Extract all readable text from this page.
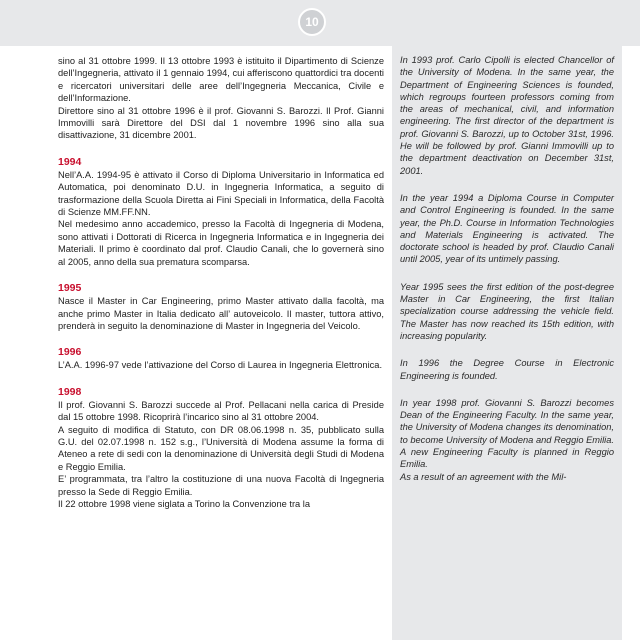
10

sino al 31 ottobre 1999. Il 13 ottobre 1993 è istituito il Dipartimento di Scienze dell’Ingegneria, attivato il 1 gennaio 1994, cui afferiscono quattordici tra docenti e ricercatori universitari delle aree dell’Ingegneria Meccanica, Civile e dell’Informazione.

Direttore sino al 31 ottobre 1996 è il prof. Giovanni S. Barozzi. Il Prof. Gianni Immovilli sarà Direttore del DSI dal 1 novembre 1996 sino alla sua disattivazione, 31 dicembre 2001.

1994

Nell’A.A. 1994-95 è attivato il Corso di Diploma Universitario in Informatica ed Automatica, poi denominato D.U. in Ingegneria Informatica, a seguito di trasformazione della Scuola Diretta ai Fini Speciali in Informatica, della Facoltà di Scienze MM.FF.NN.

Nel medesimo anno accademico, presso la Facoltà di Ingegneria di Modena, sono attivati i Dottorati di Ricerca in Ingegneria Informatica e in Ingegneria dei Materiali. Il primo è coordinato dal prof. Claudio Canali, che lo governerà sino al 2005, anno della sua prematura scomparsa.

1995

Nasce il Master in Car Engineering, primo Master attivato dalla facoltà, ma anche primo Master in Italia dedicato all’ autoveicolo. Il master, tuttora attivo, prenderà in seguito la denominazione di Master in Ingegneria del Veicolo.

1996

L’A.A. 1996-97 vede l’attivazione del Corso di Laurea in Ingegneria Elettronica.

1998

Il prof. Giovanni S. Barozzi succede al Prof. Pellacani nella carica di Preside dal 15 ottobre 1998. Ricoprirà l’incarico sino al 31 ottobre 2004.

A seguito di modifica di Statuto, con DR 08.06.1998 n. 35, pubblicato sulla G.U. del 02.07.1998 n. 152 s.g., l’Università di Modena assume la forma di Ateneo a rete di sedi con la denominazione di Università degli Studi di Modena e Reggio Emilia.

E’ programmata, tra l’altro la costituzione di una nuova Facoltà di Ingegneria presso la Sede di Reggio Emilia.

Il 22 ottobre 1998 viene siglata a Torino la Convenzione tra la

In 1993 prof. Carlo Cipolli is elected Chancellor of the University of Modena. In the same year, the Department of Engineering Sciences is founded, which regroups fourteen professors coming from the areas of mechanical, civil, and information engineering. The first director of the department is prof. Giovanni S. Barozzi, up to October 31st, 1996. He will be followed by prof. Gianni Immovilli up to the department deactivation on December 31st, 2001.

In the year 1994 a Diploma Course in Computer and Control Engineering is founded. In the same year, the Ph.D. Course in Information Technologies and Materials Engineering is activated. The doctorate school is headed by prof. Claudio Canali until 2005, year of its untimely passing.

Year 1995 sees the first edition of the post-degree Master in Car Engineering, the first Italian specialization course addressing the vehicle field. The Master has now reached its 15th edition, with increasing popularity.

In 1996 the Degree Course in Electronic Engineering is founded.

In year 1998 prof. Giovanni S. Barozzi becomes Dean of the Engineering Faculty. In the same year, the University of Modena changes its denomination, to become University of Modena and Reggio Emilia. A new Engineering Faculty is planned in Reggio Emilia.

As a result of an agreement with the Mil-
